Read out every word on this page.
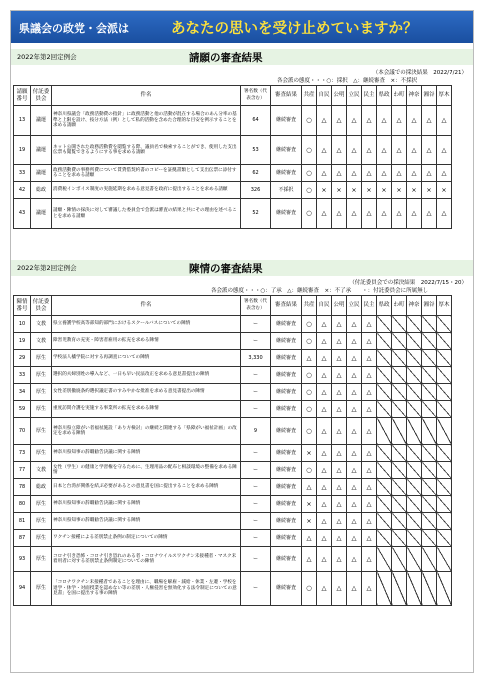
県議会の政党・会派は	あなたの思いを受け止めていますか？
2022年第2回定例会	請願の審査結果
（本会議での採決結果　2022/7/21）
各会派の態度・・・○：採択　△：継続審査　×：不採択
請願番号	付託委員会	件名	署名数（代表含む）	審査結果	共産	自民	公明	立民	民主	県政	わ町	神奈	湘谷	厚木
13	議運	神奈川県議会「政務活動費の指針」に政務活動と他の活動が混在する場合のあん分率の基準と上限を設け、按分方法（例）として私的活動を含めた合理的な目安を例示することを求める請願	64	継続審査	○	△	△	△	△	△	△	△	△	△
19	議運	ネット公開された政務活動費を閲覧する際、議員名で検索することができ、使用した支出伝票も閲覧できるようにする事を求める請願	53	継続審査	○	△	△	△	△	△	△	△	△	△
33	議運	政務活動費の事務所費について賃貸借契約書のコピーを証拠書類として支出伝票に添付することを求める請願	62	継続審査	○	△	△	△	△	△	△	△	△	△
42	総政	消費税インボイス制度の実施延期を求める意見書を政府に提出することを求める請願	326	不採択	○	×	×	×	×	×	×	×	×	×
43	議運	請願・陳情の採決に対して審議した委員会で会派は審査の結果と共にその理由を述べることを求める請願	52	継続審査	○	△	△	△	△	△	△	△	△	△
2022年第2回定例会	陳情の審査結果
（付託委員会での採決結果　2022/7/15・20）
各会派の態度・・・○：了承　△：継続審査　×：不了承　　・：付託委員会に所属無し
陳情番号	付託委員会	件名	署名数（代表含む）	審査結果	共産	自民	公明	立民	民主	県政	わ町	神奈	湘谷	厚木
10	文教	県立養護学校高等部知的部門におけるスクールバスについての陳情	ー	継続審査	○	△	△	△	△					
19	文教	障害児教育の充実・障害者雇用の拡充を求める陳情	ー	継続審査	○	△	△	△	△					
29	厚生	学校法人橘学院に対する再調査についての陳情	3,330	継続審査	△	△	△	△	△					
33	厚生	選択的夫婦別姓の導入など、一日も早い民法改正を求める意見書提出の陳情	ー	継続審査	○	△	△	△	△					
34	厚生	女性差別撤廃条約選択議定書のすみやかな批准を求める意見書提出の陳情	ー	継続審査	○	△	△	△	△					
59	厚生	重度訪問介護を実施する事業所の拡充を求める陳情	ー	継続審査	○	△	△	△	△					
70	厚生	神奈川県立障がい者福祉施設「あり方検討」の継続と開連する「県障がい福祉計画」の改定を求める陳情	9	継続審査	○	△	△	△	△					
73	厚生	神奈川県知事の辞職勧告決議に関する陳情	ー	継続審査	×	△	△	△	△					
77	文教	女性（学生）の健康と学習権を守るために、生理用品の配布と相談環境の整備を求める陳情	ー	継続審査	○	△	△	△	△					
78	総政	日本と台湾が関係を結ぶ必要があるとの意見書を国に提出することを求める陳情	ー	継続審査	△	△	△	△	△					
80	厚生	神奈川県知事の辞職勧告決議に関する陳情	ー	継続審査	×	△	△	△	△					
81	厚生	神奈川県知事の辞職勧告決議に関する陳情	ー	継続審査	×	△	△	△	△					
87	厚生	ワクチン接種による差別禁止条例の制定についての陳情	ー	継続審査	△	△	△	△	△					
93	厚生	コロナ引き恐怖・コロナ引き恐れのある者・コロナウイルスワクチン未接種者・マスク未着用者に対する差別禁止条例制定についての陳情	ー	継続審査	△	△	△	△	△					
94	厚生	「コロナワクチン未接種者であることを理由に、職場を解雇・減給・休業・左遷・学校を退学・休学・対面授業を認めない等の差別・人権侵害を無効化する法令制定についての意見書」を国に提出する事の陳情	ー	継続審査	○	△	△	△	△					
